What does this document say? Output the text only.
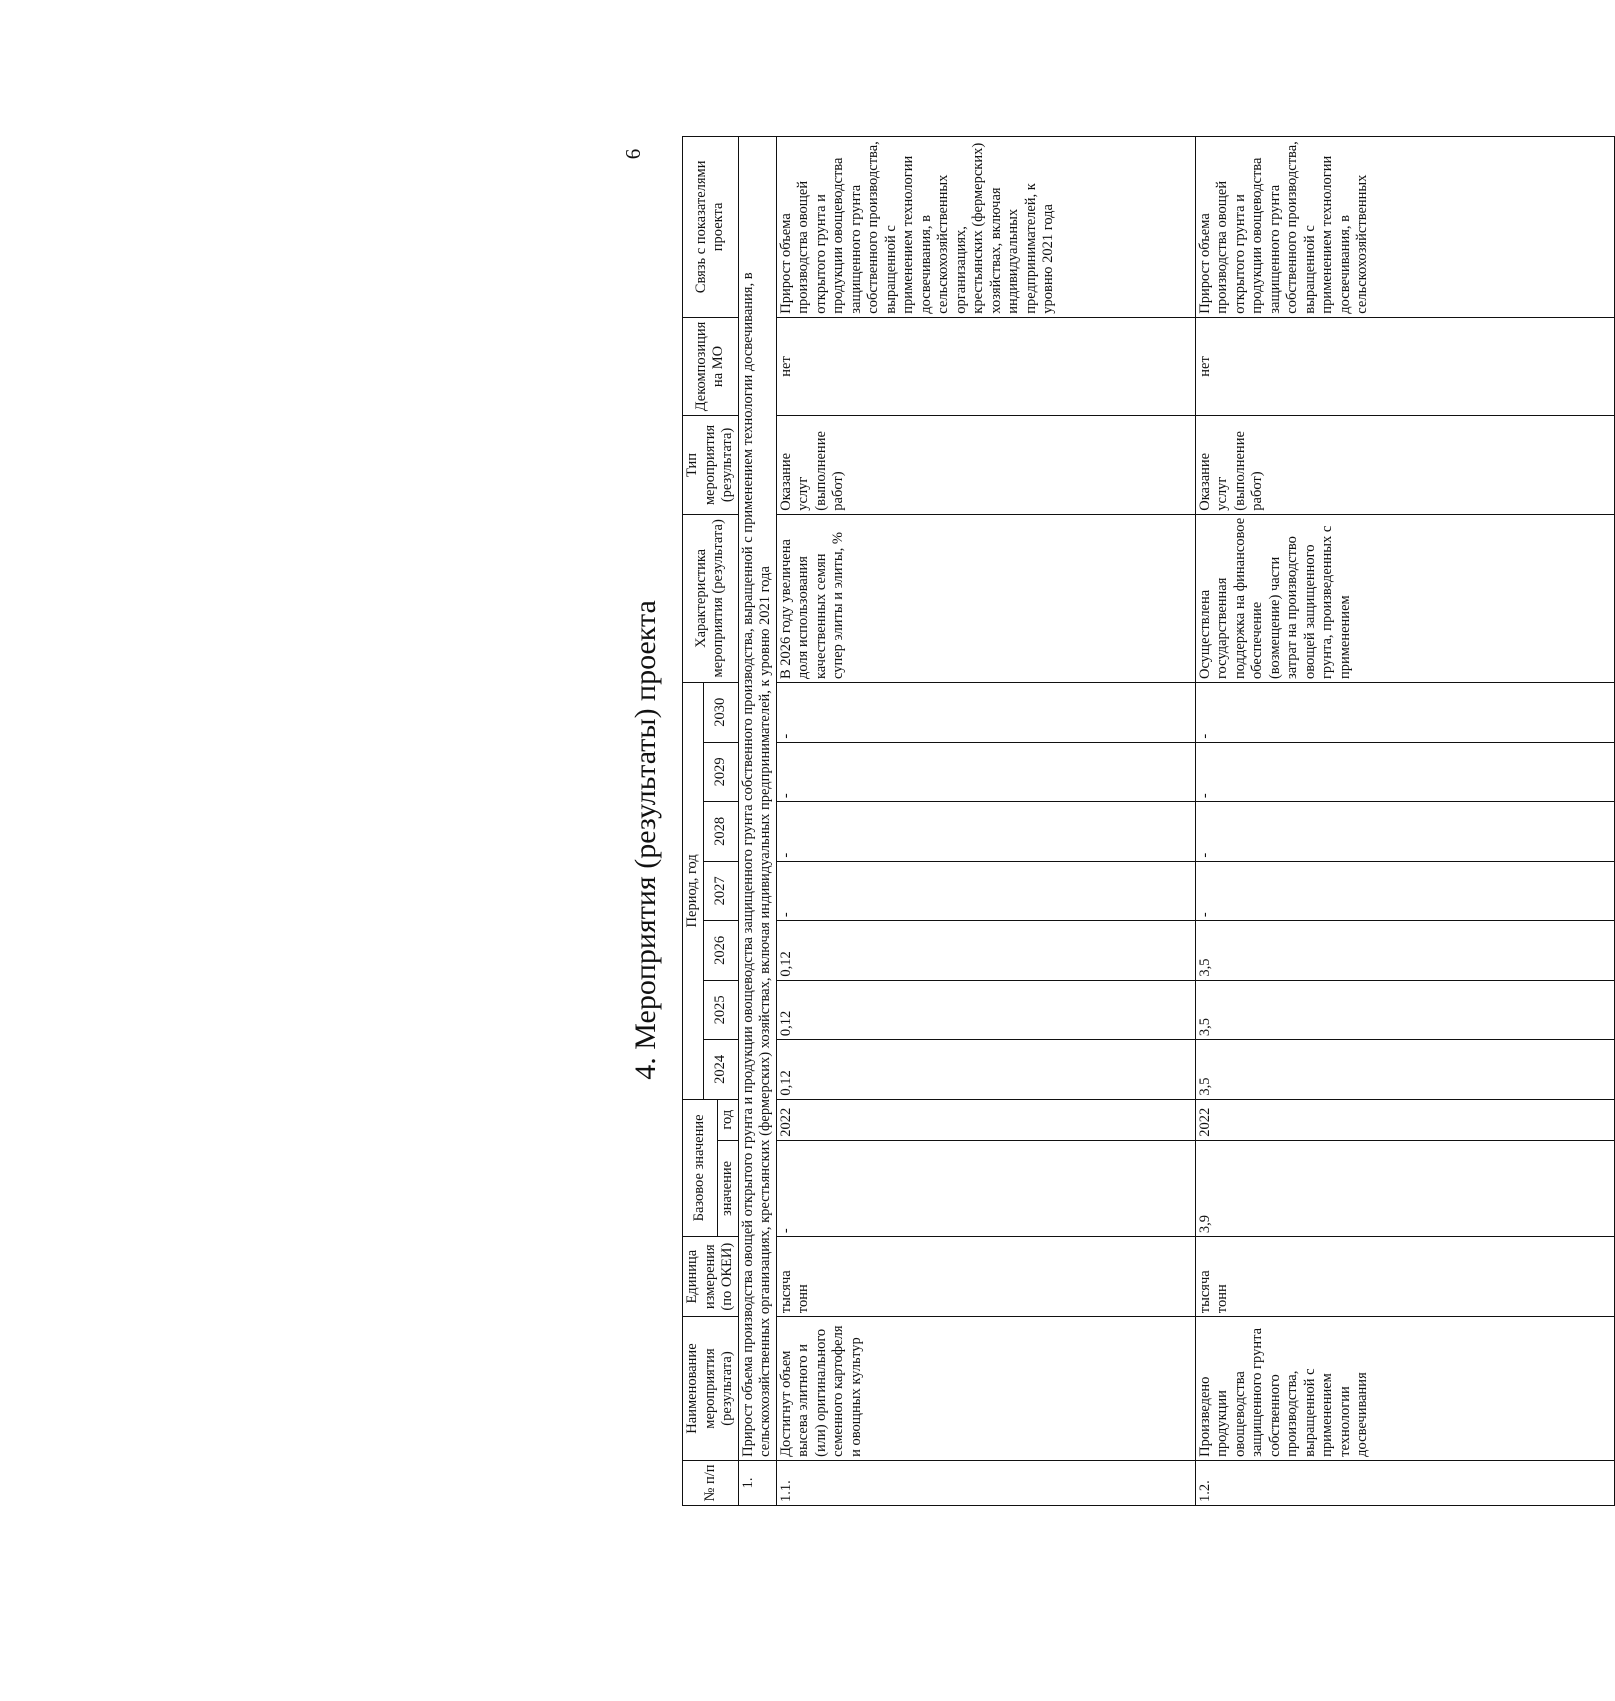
6
4. Мероприятия (результаты) проекта
№ п/п	Наименование мероприятия (результата)	Единица измерения (по ОКЕИ)	Базовое значение		Период, год							Характеристика мероприятия (результата)	Тип мероприятия (результата)	Декомпозиция на МО	Связь с показателями проекта
					2024	2025	2026	2027	2028	2029	2030				
			значение	год											
1.	Прирост объема производства овощей открытого грунта и продукции овощеводства защищенного грунта собственного производства, выращенной с применением технологии досвечивания, в сельскохозяйственных организациях, крестьянских (фермерских) хозяйствах, включая индивидуальных предпринимателей, к уровню 2021 года														
1.1.	Достигнут объем высева элитного и (или) оригинального семенного картофеля и овощных культур	тысяча тонн	-	2022	0,12	0,12	0,12	-	-	-	-	В 2026 году увеличена доля использования качественных семян супер элиты и элиты, %	Оказание услуг (выполнение работ)	нет	Прирост объема производства овощей открытого грунта и продукции овощеводства защищенного грунта собственного производства, выращенной с применением технологии досвечивания, в сельскохозяйственных организациях, крестьянских (фермерских) хозяйствах, включая индивидуальных предпринимателей, к уровню 2021 года
1.2.	Произведено продукции овощеводства защищенного грунта собственного производства, выращенной с применением технологии досвечивания	тысяча тонн	3,9	2022	3,5	3,5	3,5	-	-	-	-	Осуществлена государственная поддержка на финансовое обеспечение (возмещение) части затрат на производство овощей защищенного грунта, произведенных с применением	Оказание услуг (выполнение работ)	нет	Прирост объема производства овощей открытого грунта и продукции овощеводства защищенного грунта собственного производства, выращенной с применением технологии досвечивания, в сельскохозяйственных
